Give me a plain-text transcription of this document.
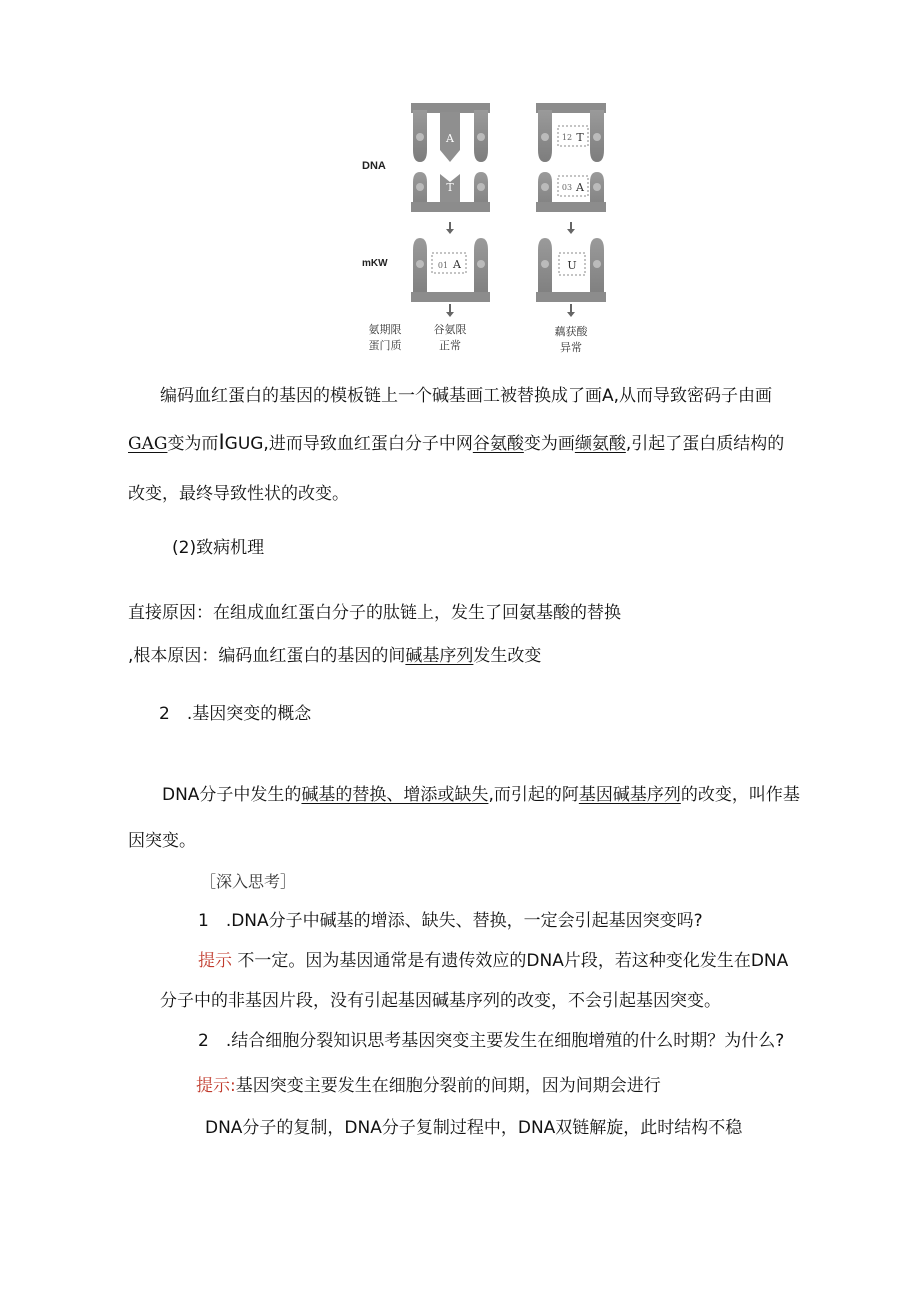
DNA
mKW
A
T
01 A
12 T
03 A
U
氨期限
蛋门质
谷氨限
正常
藕获酸
异常
编码血红蛋白的基因的模板链上一个碱基画工被替换成了画A,从而导致密码子由画
GAG变为而IGUG,进而导致血红蛋白分子中网谷氨酸变为画缬氨酸,引起了蛋白质结构的
改变，最终导致性状的改变。
(2)致病机理
直接原因：在组成血红蛋白分子的肽链上，发生了回氨基酸的替换
,根本原因：编码血红蛋白的基因的间碱基序列发生改变
2　.基因突变的概念
DNA分子中发生的碱基的替换、增添或缺失,而引起的阿基因碱基序列的改变，叫作基
因突变。
［深入思考］
1　.DNA分子中碱基的增添、缺失、替换，一定会引起基因突变吗?
提示 不一定。因为基因通常是有遗传效应的DNA片段，若这种变化发生在DNA
分子中的非基因片段，没有引起基因碱基序列的改变，不会引起基因突变。
2　.结合细胞分裂知识思考基因突变主要发生在细胞增殖的什么时期？为什么?
提示:基因突变主要发生在细胞分裂前的间期，因为间期会进行
DNA分子的复制，DNA分子复制过程中，DNA双链解旋，此时结构不稳
